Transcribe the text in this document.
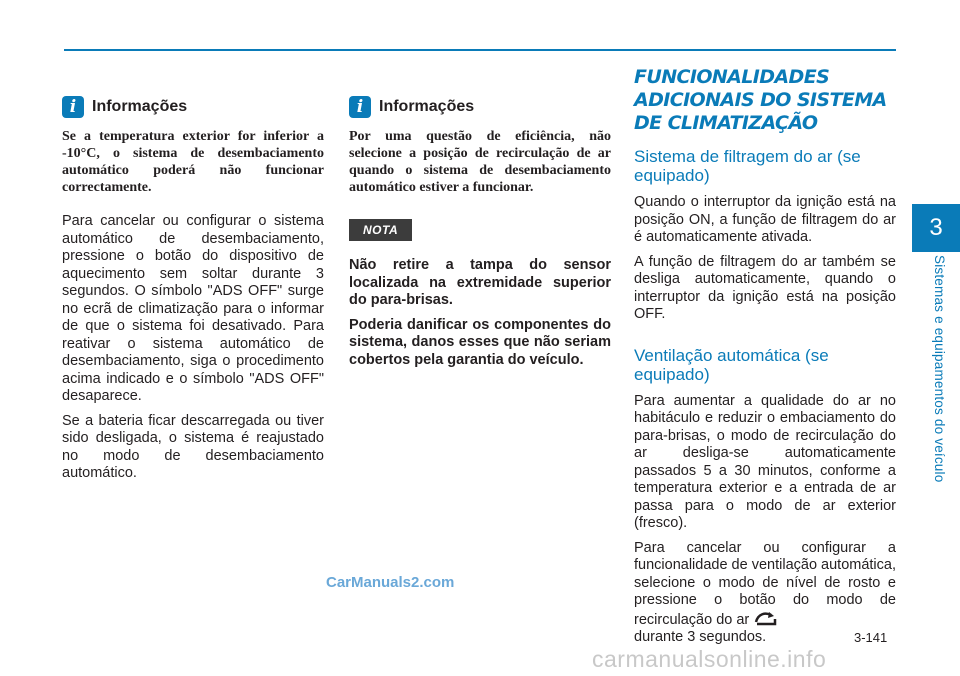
i Informações

Se a temperatura exterior for inferior a -10°C, o sistema de desembaciamento automático poderá não funcionar correctamente.

Para cancelar ou configurar o sistema automático de desembaciamento, pressione o botão do dispositivo de aquecimento sem soltar durante 3 segundos. O símbolo "ADS OFF" surge no ecrã de climatização para o informar de que o sistema foi desativado. Para reativar o sistema automático de desembaciamento, siga o procedimento acima indicado e o símbolo "ADS OFF" desaparece.

Se a bateria ficar descarregada ou tiver sido desligada, o sistema é reajustado no modo de desembaciamento automático.

i Informações

Por uma questão de eficiência, não selecione a posição de recirculação de ar quando o sistema de desembaciamento automático estiver a funcionar.

NOTA

Não retire a tampa do sensor localizada na extremidade superior do para-brisas.

Poderia danificar os componentes do sistema, danos esses que não seriam cobertos pela garantia do veículo.

FUNCIONALIDADES ADICIONAIS DO SISTEMA DE CLIMATIZAÇÃO
Sistema de filtragem do ar (se equipado)

Quando o interruptor da ignição está na posição ON, a função de filtragem do ar é automaticamente ativada.

A função de filtragem do ar também se desliga automaticamente, quando o interruptor da ignição está na posição OFF.

Ventilação automática (se equipado)

Para aumentar a qualidade do ar no habitáculo e reduzir o embaciamento do para-brisas, o modo de recirculação do ar desliga-se automaticamente passados 5 a 30 minutos, conforme a temperatura exterior e a entrada de ar passa para o modo de ar exterior (fresco).

Para cancelar ou configurar a funcionalidade de ventilação automática, selecione o modo de nível de rosto e pressione o botão do modo de recirculação do ar
durante 3 segundos.

3
Sistemas e equipamentos do veículo
CarManuals2.com
3-141
carmanualsonline.info
